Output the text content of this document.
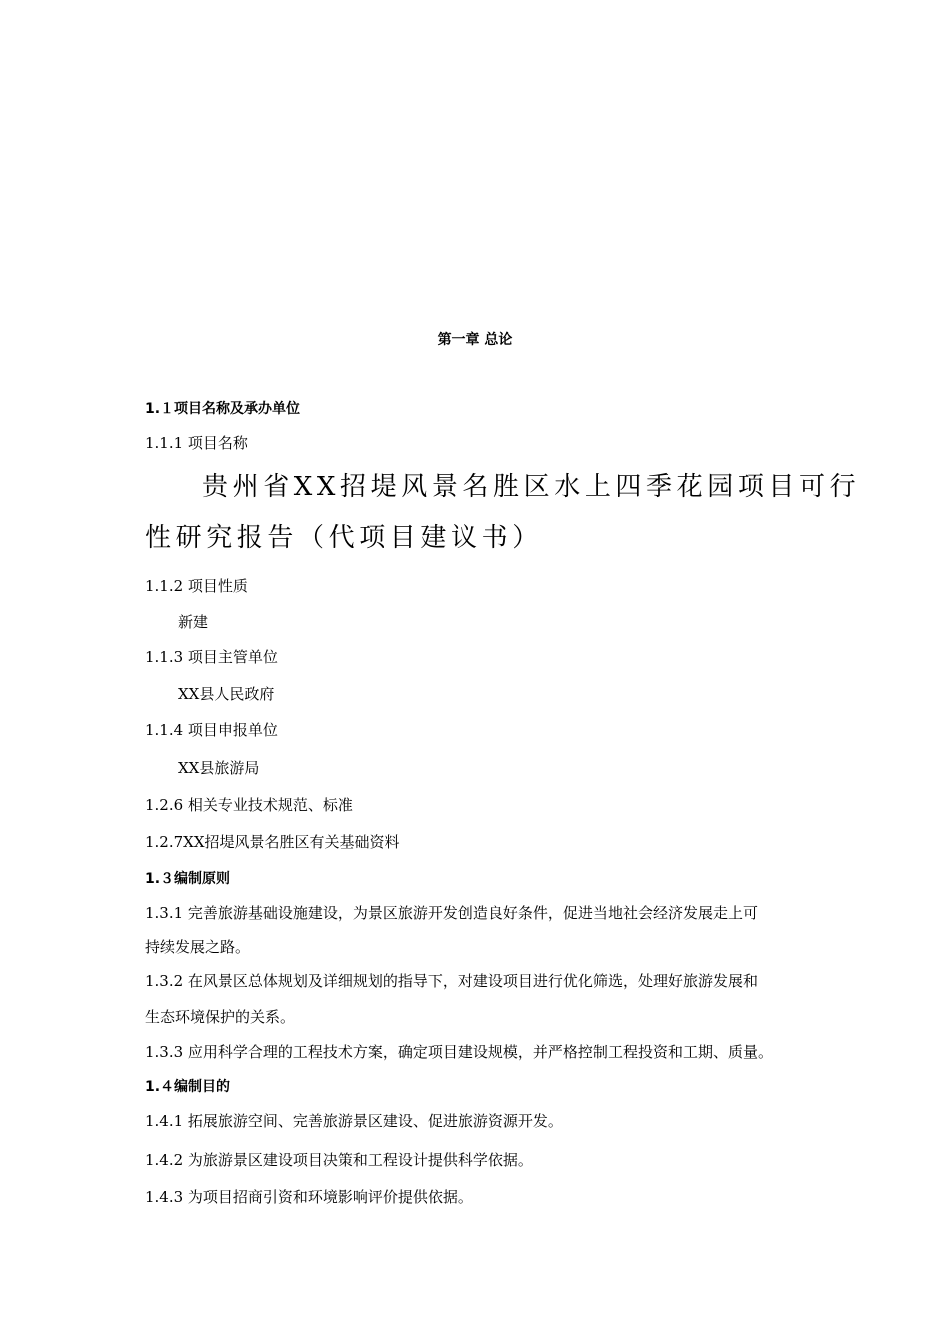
第一章 总论
1.１项目名称及承办单位
1.1.1 项目名称
贵州省XX招堤风景名胜区水上四季花园项目可行
性研究报告（代项目建议书）
1.1.2 项目性质
新建
1.1.3 项目主管单位
XX县人民政府
1.1.4 项目申报单位
XX县旅游局
1.2.6 相关专业技术规范、标准
1.2.7XX招堤风景名胜区有关基础资料
1.３编制原则
1.3.1 完善旅游基础设施建设，为景区旅游开发创造良好条件，促进当地社会经济发展走上可
持续发展之路。
1.3.2 在风景区总体规划及详细规划的指导下，对建设项目进行优化筛选，处理好旅游发展和
生态环境保护的关系。
1.3.3 应用科学合理的工程技术方案，确定项目建设规模，并严格控制工程投资和工期、质量。
1.４编制目的
1.4.1 拓展旅游空间、完善旅游景区建设、促进旅游资源开发。
1.4.2 为旅游景区建设项目决策和工程设计提供科学依据。
1.4.3 为项目招商引资和环境影响评价提供依据。
